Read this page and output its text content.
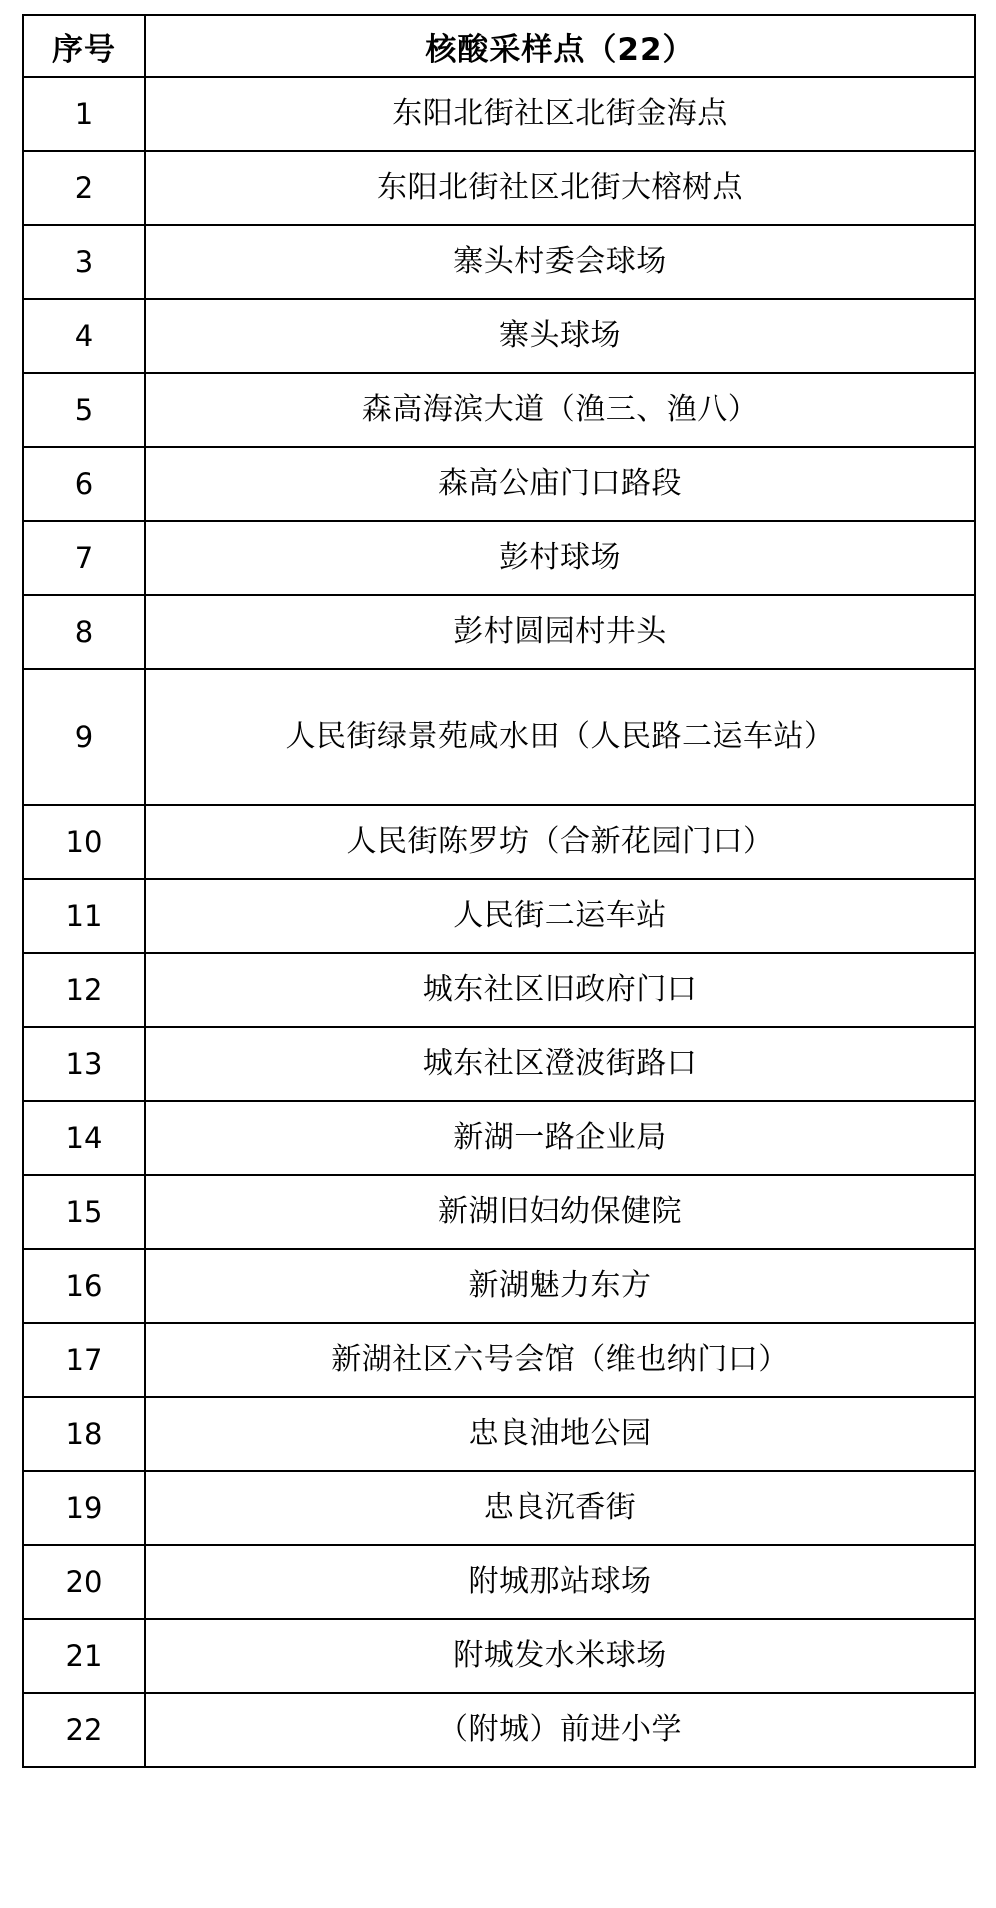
序号	核酸采样点（22）
1	东阳北街社区北街金海点
2	东阳北街社区北街大榕树点
3	寨头村委会球场
4	寨头球场
5	森高海滨大道（渔三、渔八）
6	森高公庙门口路段
7	彭村球场
8	彭村圆园村井头
9	人民街绿景苑咸水田（人民路二运车站）
10	人民街陈罗坊（合新花园门口）
11	人民街二运车站
12	城东社区旧政府门口
13	城东社区澄波街路口
14	新湖一路企业局
15	新湖旧妇幼保健院
16	新湖魅力东方
17	新湖社区六号会馆（维也纳门口）
18	忠良油地公园
19	忠良沉香街
20	附城那站球场
21	附城发水米球场
22	（附城）前进小学
